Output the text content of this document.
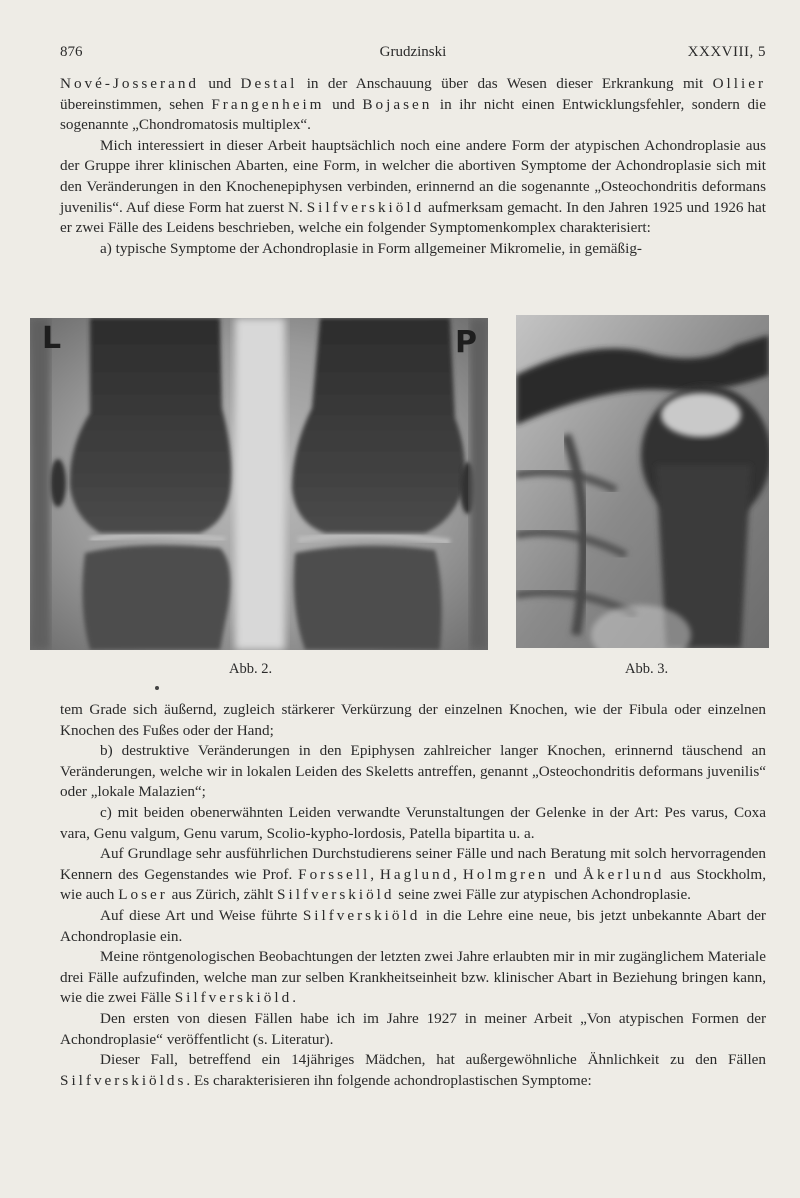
876	Grudzinski	XXXVIII, 5

Nové-Josserand und Destal in der Anschauung über das Wesen dieser Erkrankung mit Ollier übereinstimmen, sehen Frangenheim und Bojasen in ihr nicht einen Entwicklungsfehler, sondern die sogenannte „Chondromatosis multiplex“.

Mich interessiert in dieser Arbeit hauptsächlich noch eine andere Form der atypischen Achondroplasie aus der Gruppe ihrer klinischen Abarten, eine Form, in welcher die abortiven Symptome der Achondroplasie sich mit den Veränderungen in den Knochenepiphysen verbinden, erinnernd an die sogenannte „Osteochondritis deformans juvenilis“. Auf diese Form hat zuerst N. Silfverskiöld aufmerksam gemacht. In den Jahren 1925 und 1926 hat er zwei Fälle des Leidens beschrieben, welche ein folgender Symptomenkomplex charakterisiert:

a) typische Symptome der Achondroplasie in Form allgemeiner Mikromelie, in gemäßig-

L	P
Abb. 2.	Abb. 3.

tem Grade sich äußernd, zugleich stärkerer Verkürzung der einzelnen Knochen, wie der Fibula oder einzelnen Knochen des Fußes oder der Hand;

b) destruktive Veränderungen in den Epiphysen zahlreicher langer Knochen, erinnernd täuschend an Veränderungen, welche wir in lokalen Leiden des Skeletts antreffen, genannt „Osteochondritis deformans juvenilis“ oder „lokale Malazien“;

c) mit beiden obenerwähnten Leiden verwandte Verunstaltungen der Gelenke in der Art: Pes varus, Coxa vara, Genu valgum, Genu varum, Scolio-kypho-lordosis, Patella bipartita u. a.

Auf Grundlage sehr ausführlichen Durchstudierens seiner Fälle und nach Beratung mit solch hervorragenden Kennern des Gegenstandes wie Prof. Forssell, Haglund, Holmgren und Åkerlund aus Stockholm, wie auch Loser aus Zürich, zählt Silfverskiöld seine zwei Fälle zur atypischen Achondroplasie.

Auf diese Art und Weise führte Silfverskiöld in die Lehre eine neue, bis jetzt unbekannte Abart der Achondroplasie ein.

Meine röntgenologischen Beobachtungen der letzten zwei Jahre erlaubten mir in mir zugänglichem Materiale drei Fälle aufzufinden, welche man zur selben Krankheitseinheit bzw. klinischer Abart in Beziehung bringen kann, wie die zwei Fälle Silfverskiöld.

Den ersten von diesen Fällen habe ich im Jahre 1927 in meiner Arbeit „Von atypischen Formen der Achondroplasie“ veröffentlicht (s. Literatur).

Dieser Fall, betreffend ein 14jähriges Mädchen, hat außergewöhnliche Ähnlichkeit zu den Fällen Silfverskiölds. Es charakterisieren ihn folgende achondroplastischen Symptome:
